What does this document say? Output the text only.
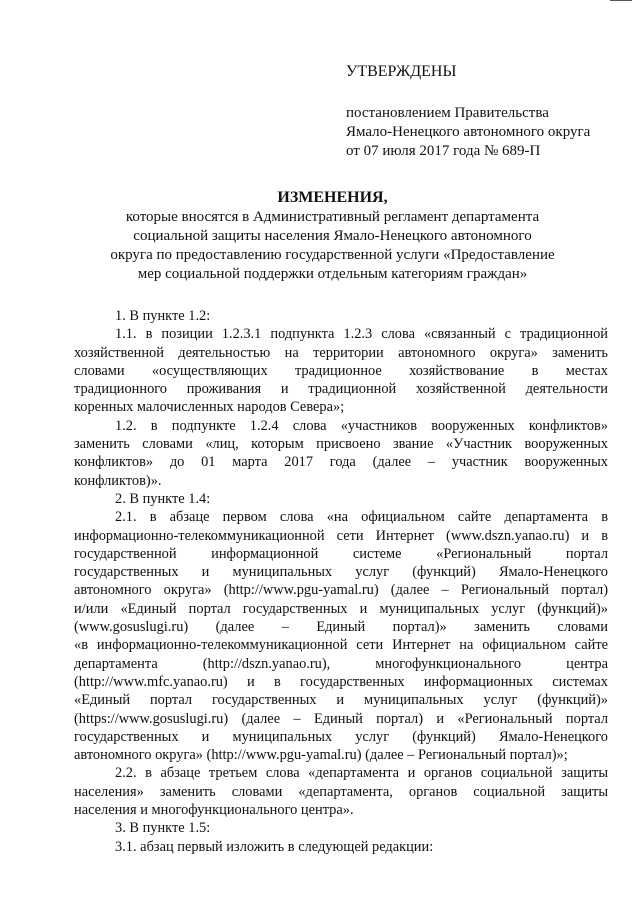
УТВЕРЖДЕНЫ
постановлением Правительства
Ямало-Ненецкого автономного округа
от 07 июля 2017 года № 689-П
ИЗМЕНЕНИЯ,
которые вносятся в Административный регламент департамента
социальной защиты населения Ямало-Ненецкого автономного
округа по предоставлению государственной услуги «Предоставление
мер социальной поддержки отдельным категориям граждан»

1. В пункте 1.2:

1.1. в позиции 1.2.3.1 подпункта 1.2.3 слова «связанный с традиционной
хозяйственной деятельностью на территории автономного округа» заменить
словами «осуществляющих традиционное хозяйствование в местах
традиционного проживания и традиционной хозяйственной деятельности
коренных малочисленных народов Севера»;
1.2. в подпункте 1.2.4 слова «участников вооруженных конфликтов»
заменить словами «лиц, которым присвоено звание «Участник вооруженных
конфликтов» до 01 марта 2017 года (далее – участник вооруженных
конфликтов)».

2. В пункте 1.4:

2.1. в абзаце первом слова «на официальном сайте департамента в
информационно-телекоммуникационной сети Интернет (www.dszn.yanao.ru) и в
государственной информационной системе «Региональный портал
государственных и муниципальных услуг (функций) Ямало-Ненецкого
автономного округа» (http://www.pgu-yamal.ru) (далее – Региональный портал)
и/или «Единый портал государственных и муниципальных услуг (функций)»
(www.gosuslugi.ru) (далее – Единый портал)» заменить словами
«в информационно-телекоммуникационной сети Интернет на официальном сайте
департамента (http://dszn.yanao.ru), многофункционального центра
(http://www.mfc.yanao.ru) и в государственных информационных системах
«Единый портал государственных и муниципальных услуг (функций)»
(https://www.gosuslugi.ru) (далее – Единый портал) и «Региональный портал
государственных и муниципальных услуг (функций) Ямало-Ненецкого
автономного округа» (http://www.pgu-yamal.ru) (далее – Региональный портал)»;
2.2. в абзаце третьем слова «департамента и органов социальной защиты
населения» заменить словами «департамента, органов социальной защиты
населения и многофункционального центра».

3. В пункте 1.5:

3.1. абзац первый изложить в следующей редакции:
